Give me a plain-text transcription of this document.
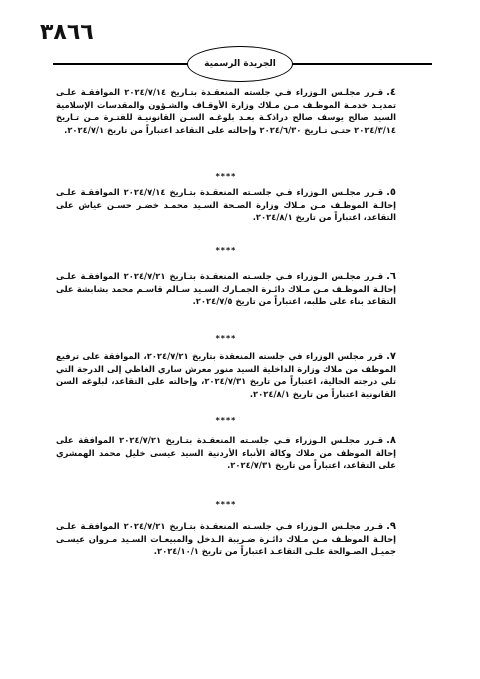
٣٨٦٦
الجريدة الرسمية
٤.قـرر مجلـس الـوزراء فـي جلسته المنعقـدة بتـاريخ ٢٠٢٤/٧/١٤ الموافقـة علـى تمديـد خدمـة الموظـف مـن مـلاك وزارة الأوقـاف والشـؤون والمقدسات الإسلامية السيد صالح يوسف صالح دراذكـة بعـد بلوغـه السـن القانونيـة للفتـرة مـن تـاريخ ٢٠٢٤/٣/١٤ حتـى تـاريخ ٢٠٢٤/٦/٣٠ وإحالته على التقاعد اعتباراً من تاريخ ٢٠٢٤/٧/١.
****
٥.قـرر مجلـس الـوزراء فـي جلسـته المنعقـدة بتـاريخ ٢٠٢٤/٧/١٤ الموافقـة علـى إحالـة الموظـف مـن مـلاك وزارة الصـحة السـيد محمـد خضـر حسـن عياش على التقاعد، اعتباراً من تاريخ ٢٠٢٤/٨/١.
****
٦.قـرر مجلـس الـوزراء فـي جلسـته المنعقـدة بتـاريخ ٢٠٢٤/٧/٢١ الموافقـة علـى إحالـة الموظـف مـن مـلاك دائـرة الجمـارك السـيد سـالم قاسـم محمد بشابشة على التقاعد بناء على طلبه، اعتباراً من تاريخ ٢٠٢٤/٧/٥.
****
٧.قرر مجلس الوزراء في جلسته المنعقدة بتاريخ ٢٠٢٤/٧/٢١، الموافقة على ترفيع الموظف من ملاك وزارة الداخلية السيد منور معرش ساري الغاظي إلى الدرجة التي تلي درجته الحالية، اعتباراً من تاريخ ٢٠٢٤/٧/٣١، وإحالته على التقاعد، لبلوغه السن القانونية اعتباراً من تاريخ ٢٠٢٤/٨/١.
****
٨.قـرر مجلـس الـوزراء فـي جلسـته المنعقـدة بتـاريخ ٢٠٢٤/٧/٢١ الموافقة على إحالة الموظف من ملاك وكالة الأنباء الأردنية السيد عيسى خليل محمد الهمشري على التقاعد، اعتباراً من تاريخ ٢٠٢٤/٧/٣١.
****
٩.قـرر مجلـس الـوزراء فـي جلسـته المنعقـدة بتـاريخ ٢٠٢٤/٧/٢١ الموافقـة علـى إحالـة الموظـف مـن مـلاك دائـرة ضـريبة الـدخل والمبيعـات السـيد مـروان عيسـى جميـل الصـوالحة علـى التقاعـد اعتباراً من تاريخ ٢٠٢٤/١٠/١.
